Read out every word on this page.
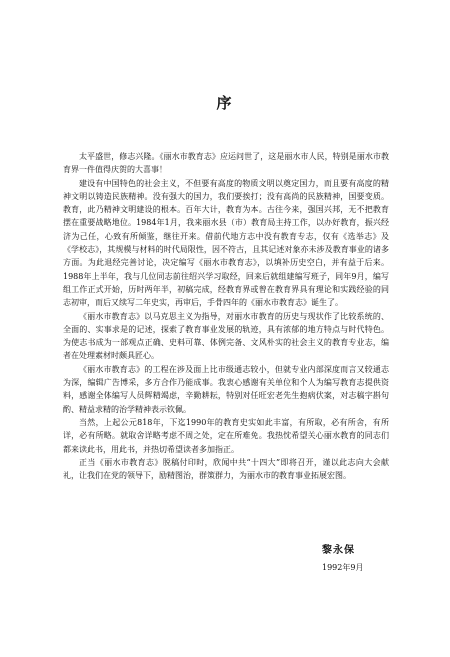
序

太平盛世，修志兴隆。《丽水市教育志》应运问世了，这是丽水市人民，特别是丽水市教育界一件值得庆贺的大喜事！

建设有中国特色的社会主义，不但要有高度的物质文明以奠定国力，而且要有高度的精神文明以铸造民族精神。没有强大的国力，我们要挨打；没有高尚的民族精神，国要变质。教育，此乃精神文明建设的根本。百年大计，教育为本。古往今来，强国兴邦，无不把教育摆在重要战略地位。1984年1月，我来丽水县（市）教育局主持工作，以办好教育，振兴经济为己任，心致有所倾鉴，继往开来。借前代地方志中没有教育专志，仅有《选举志》及《学校志》，其规模与材料的时代局限性，因不符古，且其记述对象亦未涉及教育事业的诸多方面。为此退经完善讨论，决定编写《丽水市教育志》，以填补历史空白，并有益于后来。1988年上半年，我与几位同志前往绍兴学习取经，回来后就组建编写班子，同年9月，编写组工作正式开始，历时两年半，初稿完成，经教育界或曾在教育界具有理论和实践经验的同志初审，而后又续写二年史实，再审后，手骨四年的《丽水市教育志》诞生了。

《丽水市教育志》以马克思主义为指导，对丽水市教育的历史与现状作了比较系统的、全面的、实事求是的记述，探索了教育事业发展的轨迹，具有浓郁的地方特点与时代特色。为使志书成为一部观点正确、史料可靠、体例完备、文风朴实的社会主义的教育专业志，编者在处理素材时颇具匠心。

《丽水市教育志》的工程在涉及面上比市级通志较小，但就专业内部深度而言又较通志为深，编辑广告博采，多方合作乃能成事。我衷心感谢有关单位和个人为编写教育志提供资料，感谢全体编写人员辉精竭虑，辛勤耕耘，特别对任旺宏老先生抱病伏案，对志稿字斟句酌、精益求精的治学精神表示钦佩。

当然，上起公元818年，下迄1990年的教育史实如此丰富，有所取，必有所舍，有所详，必有所略。就取舍详略考虑不周之处，定在所难免。我热忱希望关心丽水教育的同志们都来读此书，用此书，并热切希望读者多加指正。

正当《丽水市教育志》脱稿付印时，欣闻中共“十四大”即将召开，谨以此志向大会献礼，让我们在党的领导下，励精图治，群策群力，为丽水市的教育事业拓展宏图。

黎永保
1992年9月
